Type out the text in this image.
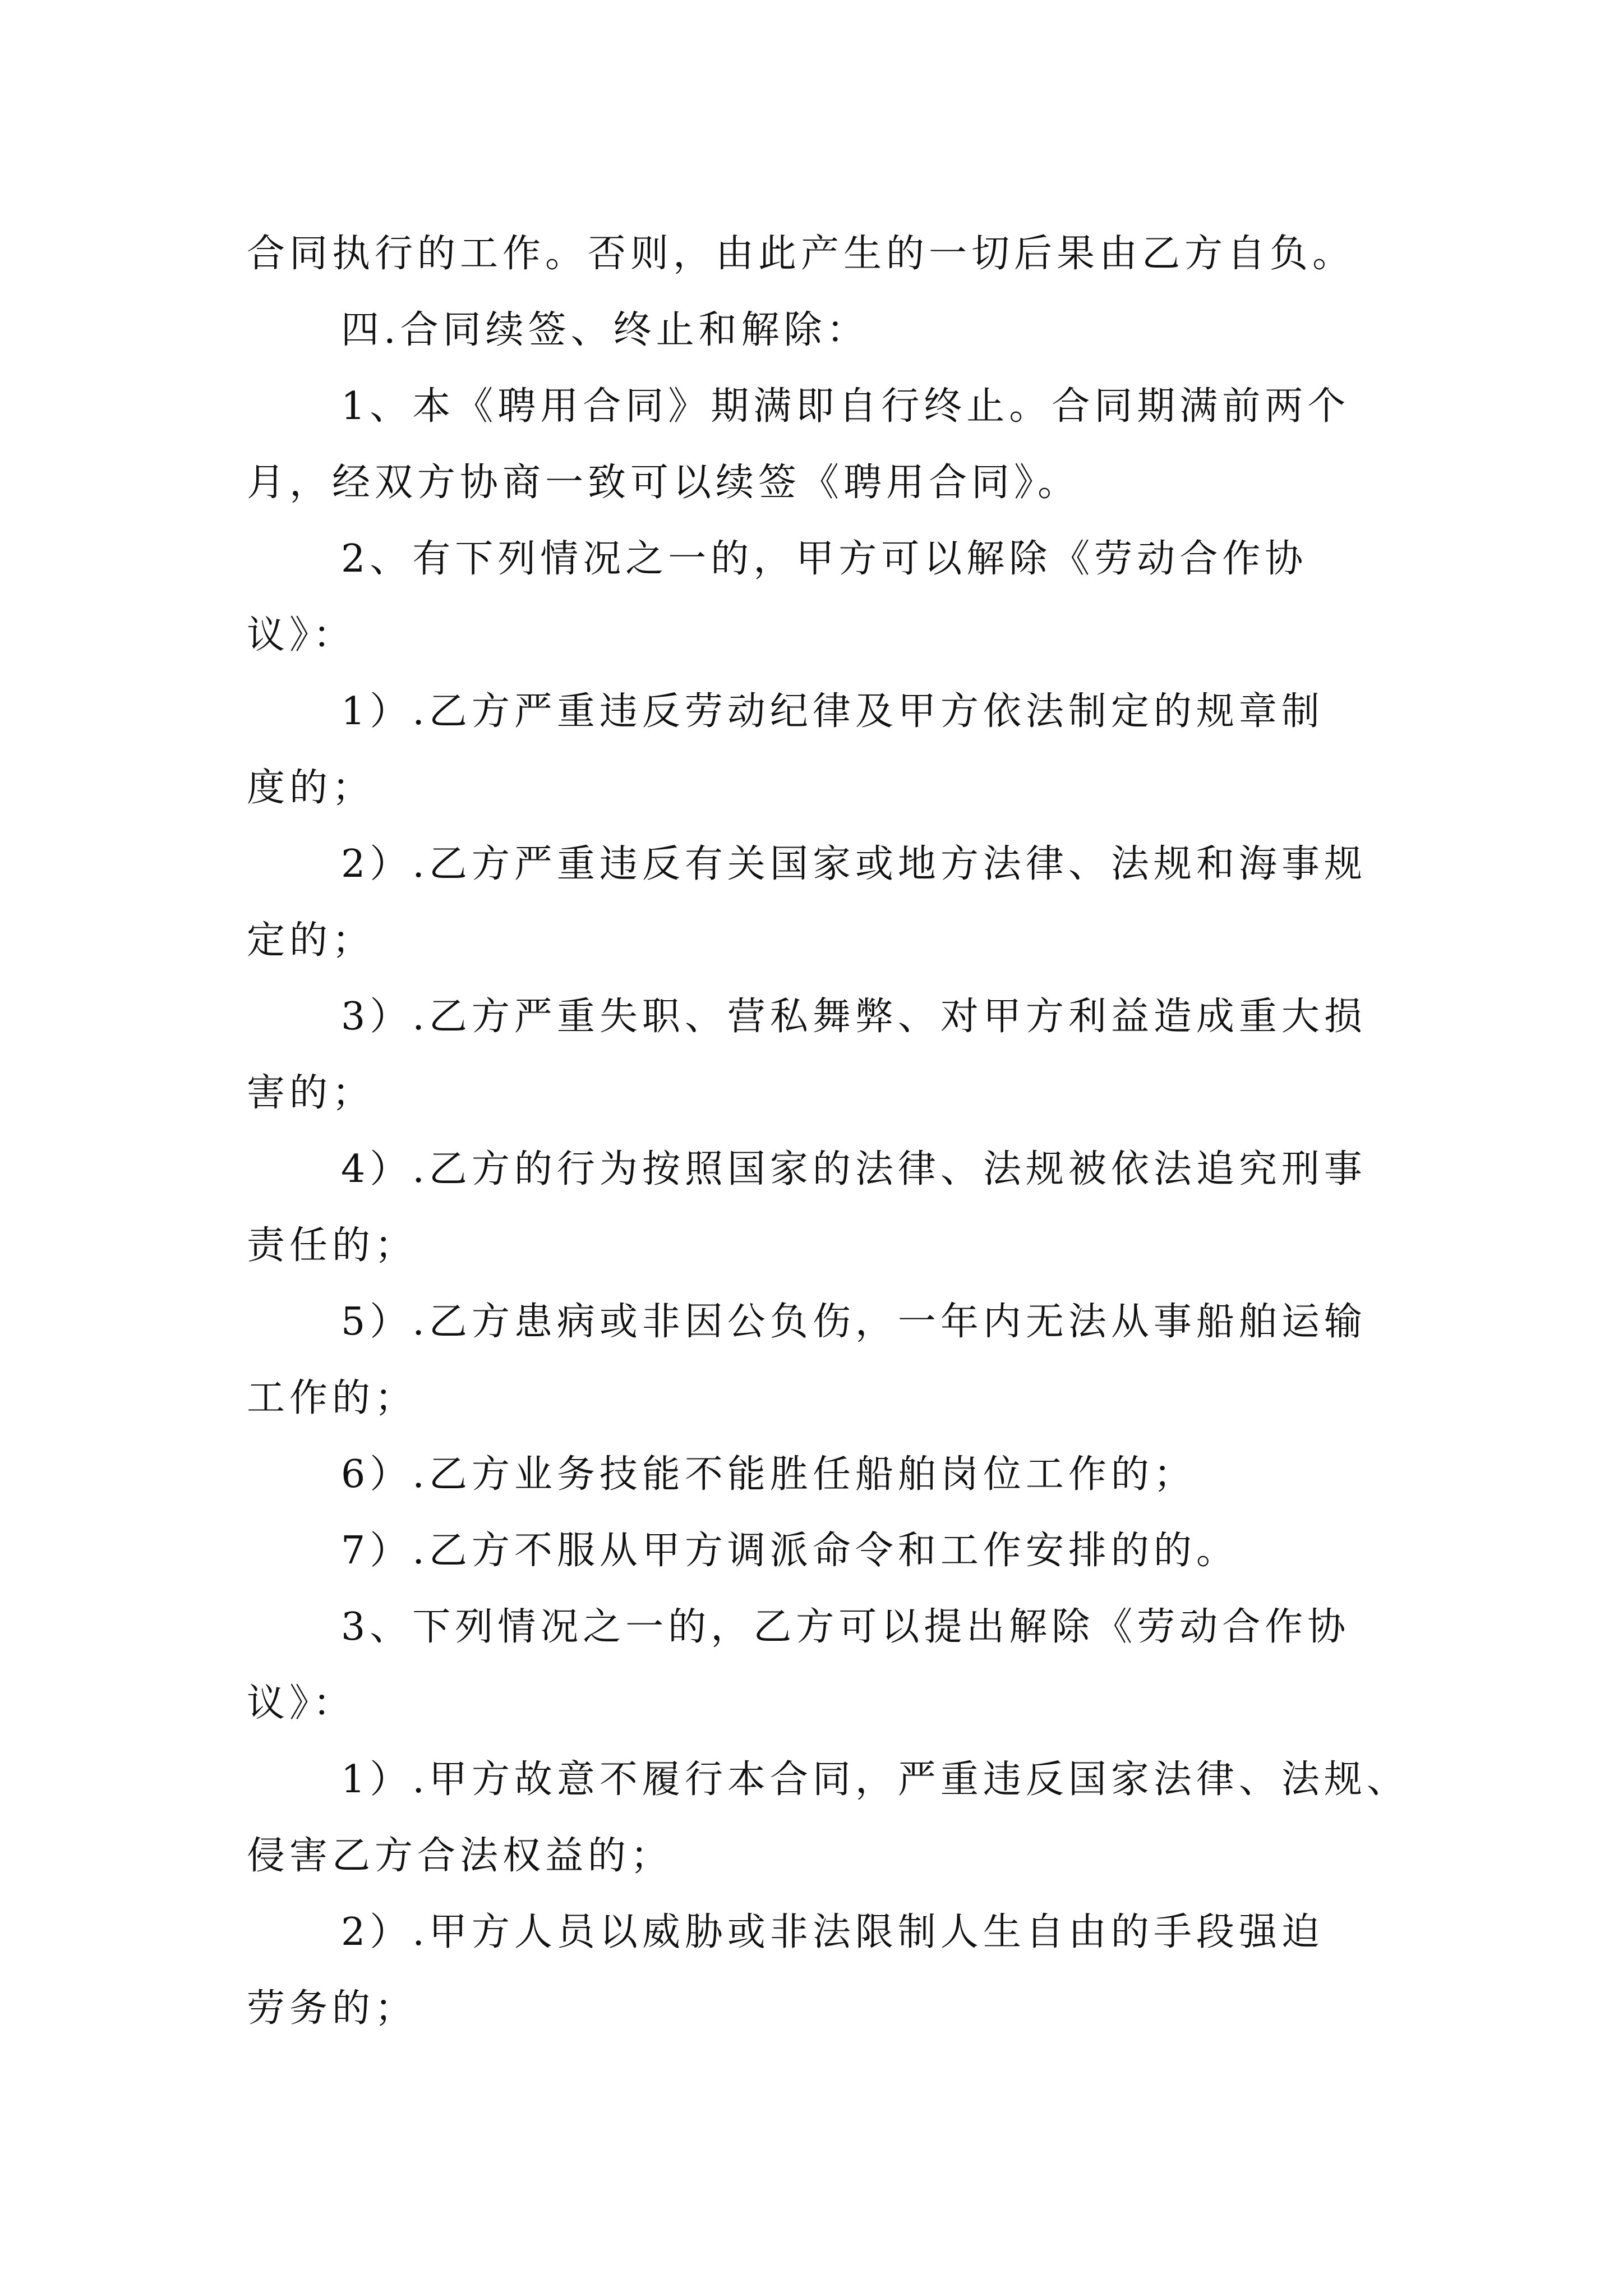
合同执行的工作。否则，由此产生的一切后果由乙方自负。
四.合同续签、终止和解除：
1、本《聘用合同》期满即自行终止。合同期满前两个
月，经双方协商一致可以续签《聘用合同》。
2、有下列情况之一的，甲方可以解除《劳动合作协
议》：
1）.乙方严重违反劳动纪律及甲方依法制定的规章制
度的；
2）.乙方严重违反有关国家或地方法律、法规和海事规
定的；
3）.乙方严重失职、营私舞弊、对甲方利益造成重大损
害的；
4）.乙方的行为按照国家的法律、法规被依法追究刑事
责任的；
5）.乙方患病或非因公负伤，一年内无法从事船舶运输
工作的；
6）.乙方业务技能不能胜任船舶岗位工作的；
7）.乙方不服从甲方调派命令和工作安排的的。
3、下列情况之一的，乙方可以提出解除《劳动合作协
议》：
1）.甲方故意不履行本合同，严重违反国家法律、法规、
侵害乙方合法权益的；
2）.甲方人员以威胁或非法限制人生自由的手段强迫
劳务的；
